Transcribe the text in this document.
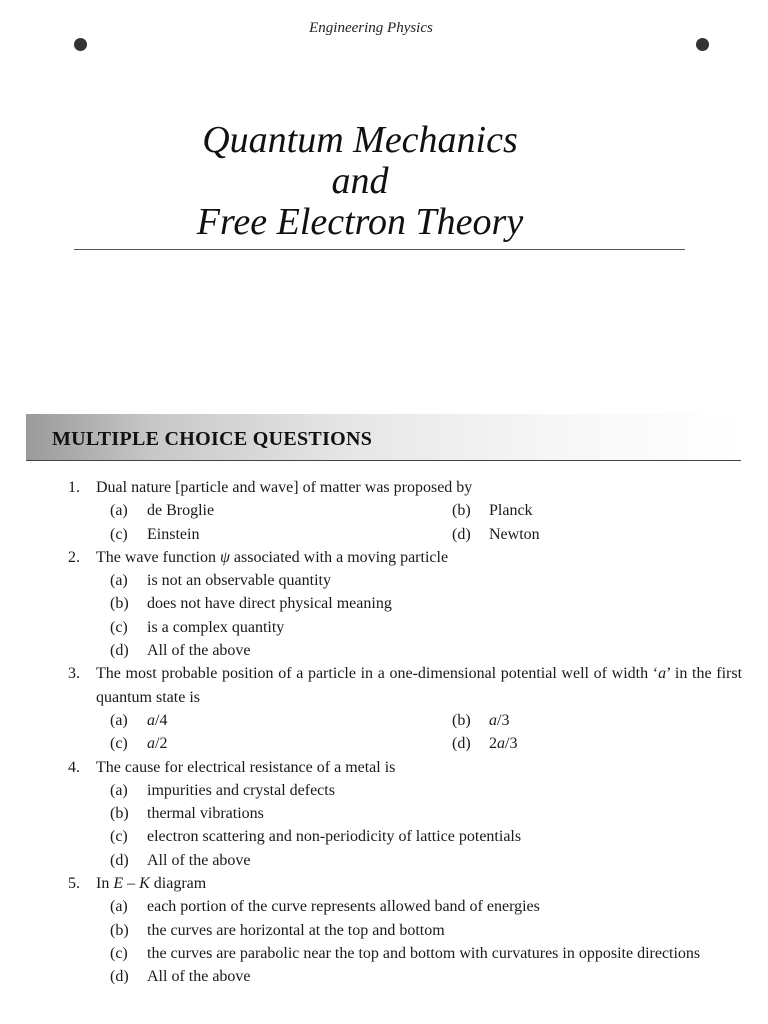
Engineering Physics
Quantum Mechanics
and
Free Electron Theory
MULTIPLE CHOICE QUESTIONS
1. Dual nature [particle and wave] of matter was proposed by
(a) de Broglie	(b) Planck
(c) Einstein	(d) Newton
2. The wave function ψ associated with a moving particle
(a) is not an observable quantity
(b) does not have direct physical meaning
(c) is a complex quantity
(d) All of the above
3. The most probable position of a particle in a one-dimensional potential well of width ‘a’ in the first quantum state is
(a) a/4	(b) a/3
(c) a/2	(d) 2a/3
4. The cause for electrical resistance of a metal is
(a) impurities and crystal defects
(b) thermal vibrations
(c) electron scattering and non-periodicity of lattice potentials
(d) All of the above
5. In E – K diagram
(a) each portion of the curve represents allowed band of energies
(b) the curves are horizontal at the top and bottom
(c) the curves are parabolic near the top and bottom with curvatures in opposite directions
(d) All of the above
